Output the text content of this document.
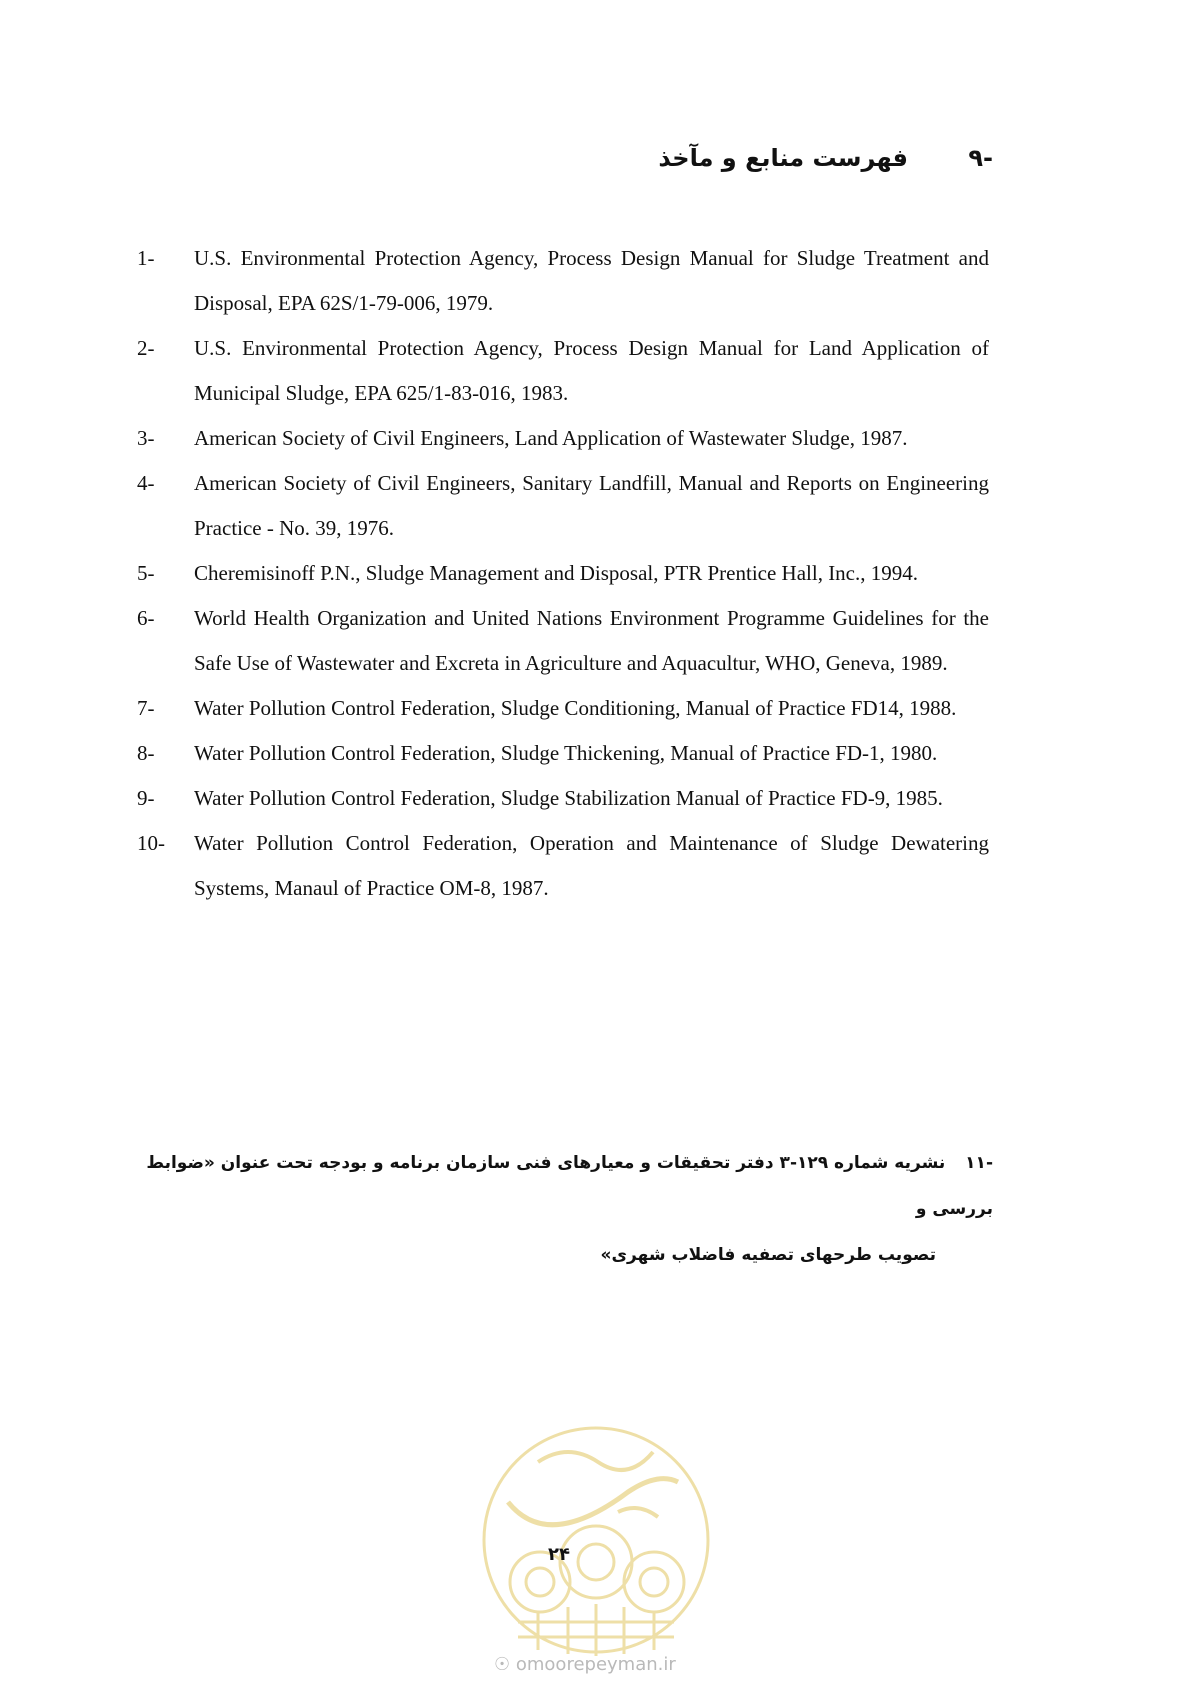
-۹ فهرست منابع و مآخذ
1-	U.S. Environmental Protection Agency, Process Design Manual for Sludge Treatment and Disposal, EPA 62S/1-79-006, 1979.
2-	U.S. Environmental Protection Agency, Process Design Manual for Land Application of Municipal Sludge, EPA 625/1-83-016, 1983.
3-	American Society of Civil Engineers, Land Application of Wastewater Sludge, 1987.
4-	American Society of Civil Engineers, Sanitary Landfill, Manual and Reports on Engineering Practice - No. 39, 1976.
5-	Cheremisinoff P.N., Sludge Management and Disposal, PTR Prentice Hall, Inc., 1994.
6-	World Health Organization and United Nations Environment Programme Guidelines for the Safe Use of Wastewater and Excreta in Agriculture and Aquacultur, WHO, Geneva, 1989.
7-	Water Pollution Control Federation, Sludge Conditioning, Manual of Practice FD14, 1988.
8-	Water Pollution Control Federation, Sludge Thickening, Manual of Practice FD-1, 1980.
9-	Water Pollution Control Federation, Sludge Stabilization Manual of Practice FD-9, 1985.
10-	Water Pollution Control Federation, Operation and Maintenance of Sludge Dewatering Systems, Manaul of Practice OM-8, 1987.
-۱۱ نشریه شماره ۱۲۹-۳ دفتر تحقیقات و معیارهای فنی سازمان برنامه و بودجه تحت عنوان «ضوابط بررسی و
تصویب طرحهای تصفیه فاضلاب شهری»
۲۴
☉ omoorepeyman.ir
